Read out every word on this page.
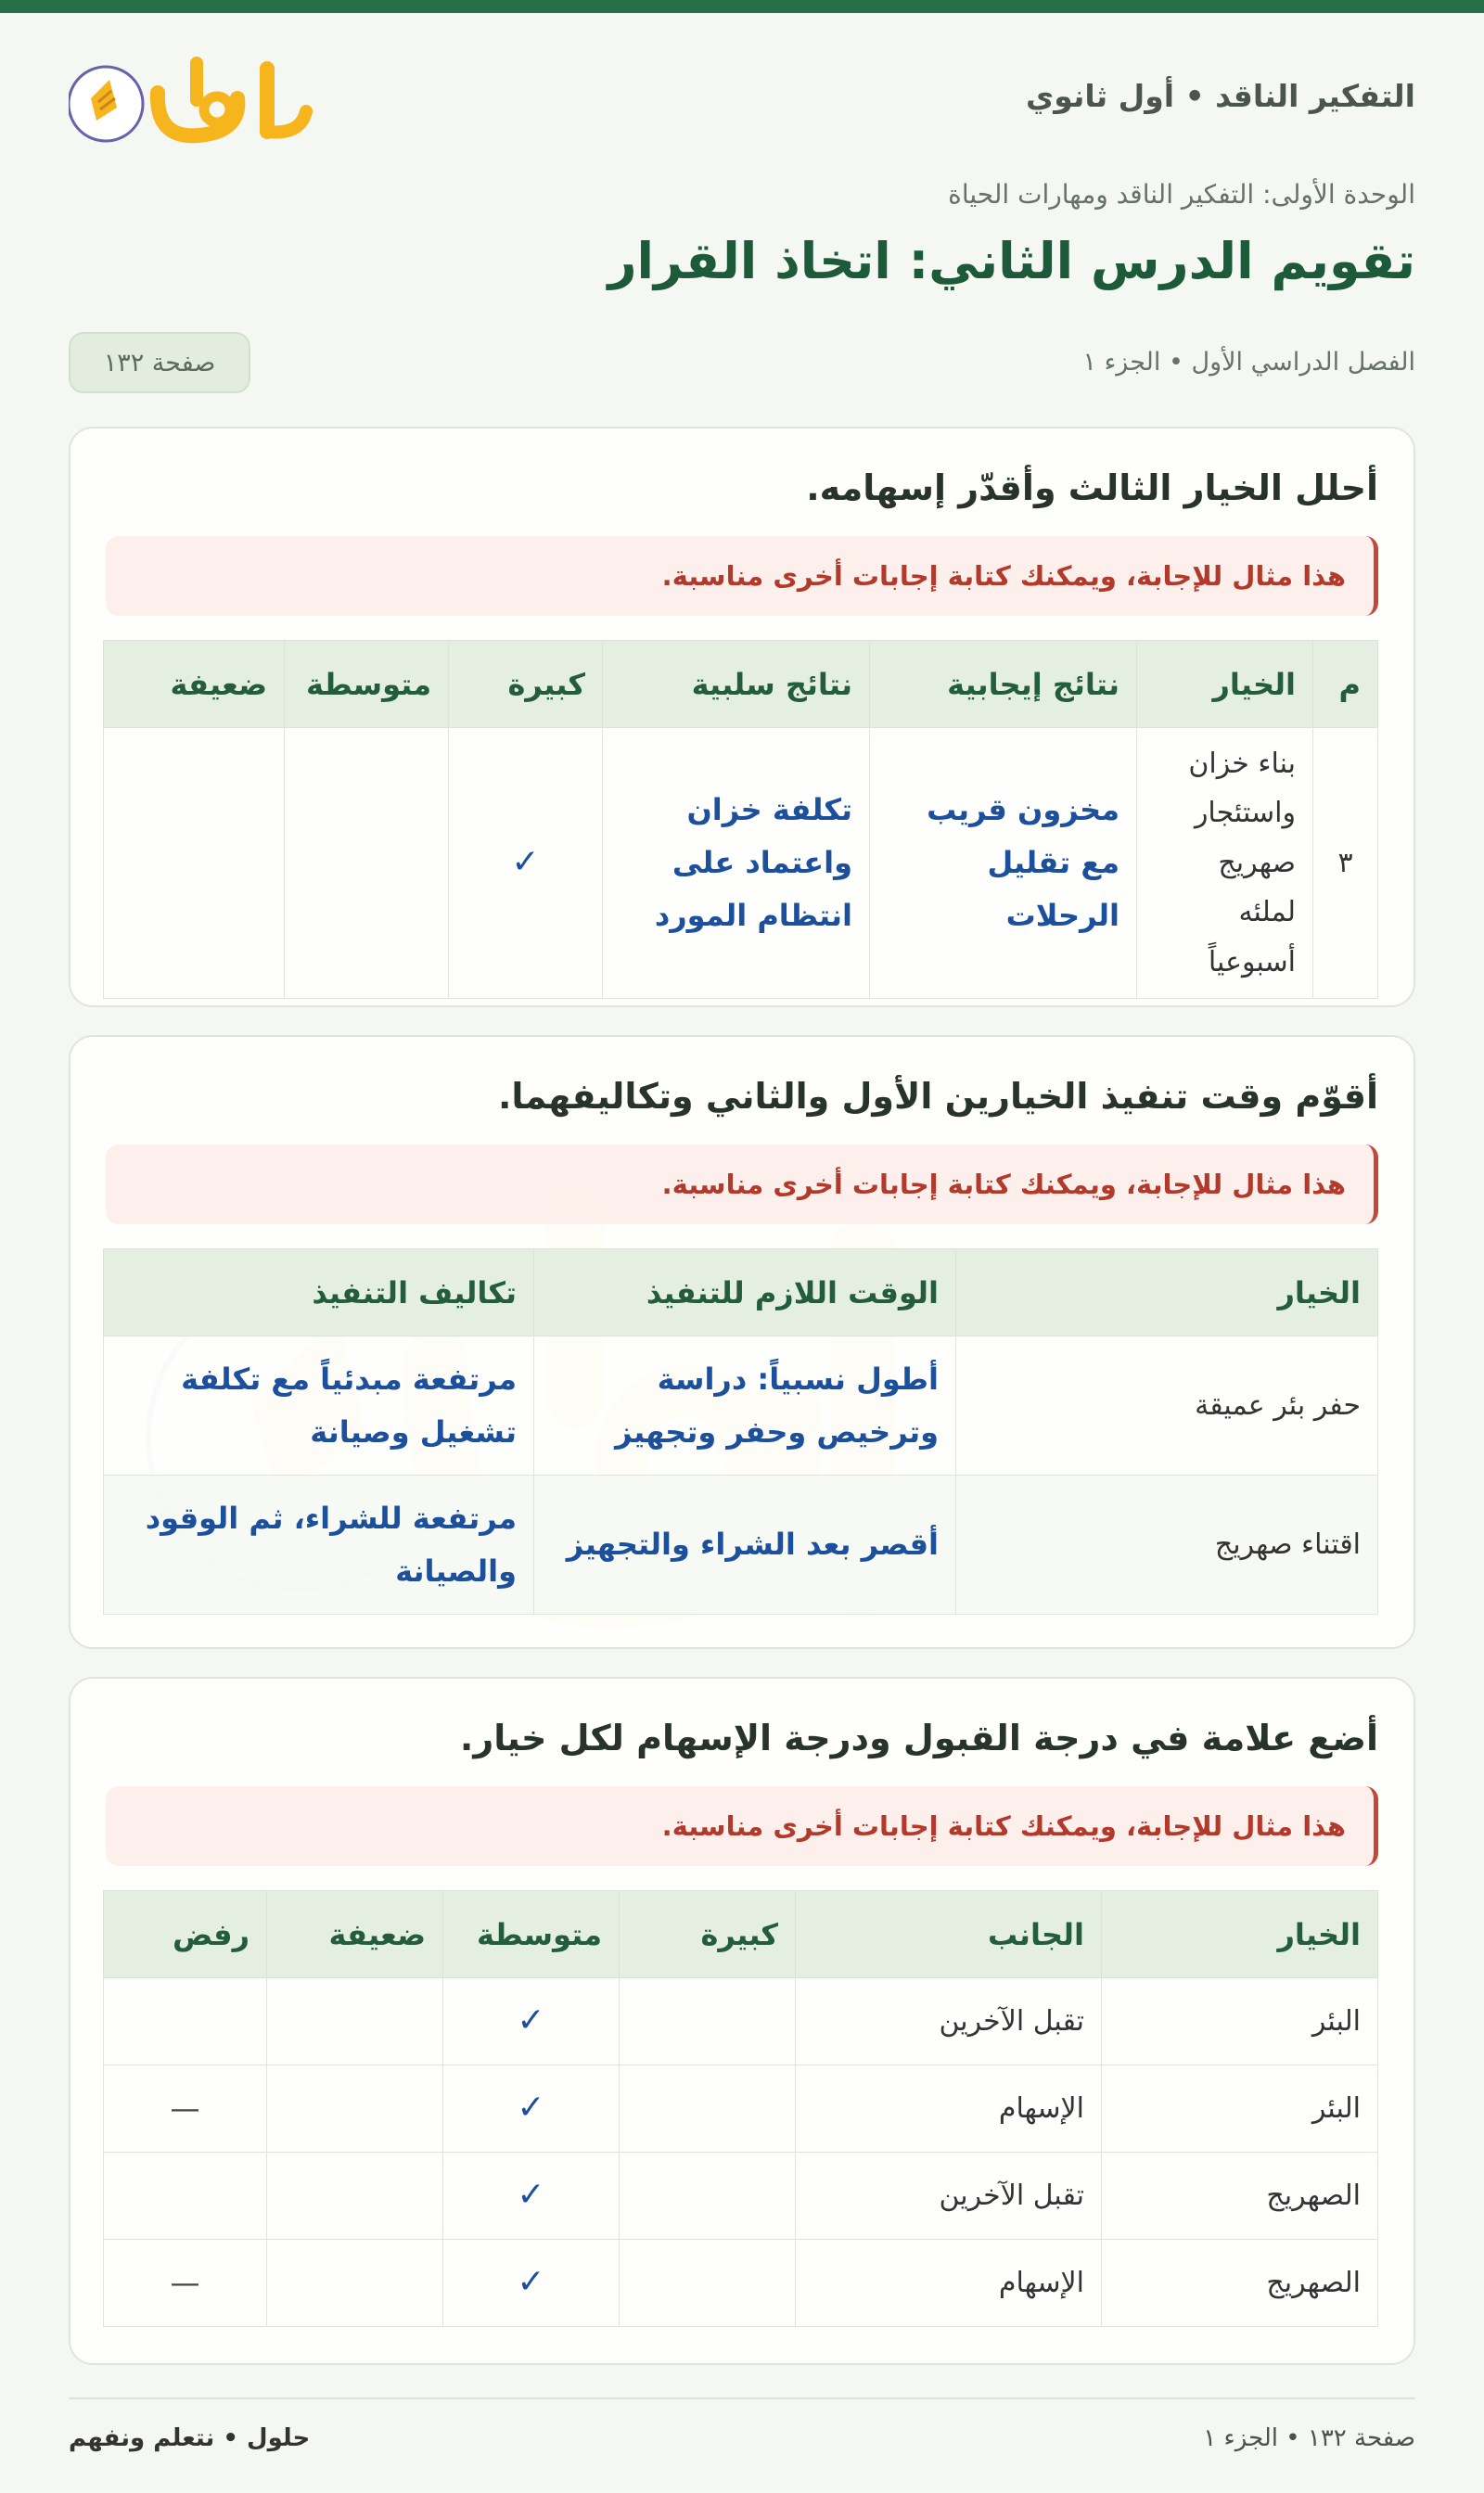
التفكير الناقد • أول ثانوي
الوحدة الأولى: التفكير الناقد ومهارات الحياة
تقويم الدرس الثاني: اتخاذ القرار
الفصل الدراسي الأول • الجزء ١
صفحة ١٣٢
أحلل الخيار الثالث وأقدّر إسهامه.
هذا مثال للإجابة، ويمكنك كتابة إجابات أخرى مناسبة.
م	الخيار	نتائج إيجابية	نتائج سلبية	كبيرة	متوسطة	ضعيفة
٣	بناء خزان واستئجار صهريج لملئه أسبوعياً	مخزون قريب مع تقليل الرحلات	تكلفة خزان واعتماد على انتظام المورد	✓		
أقوّم وقت تنفيذ الخيارين الأول والثاني وتكاليفهما.
هذا مثال للإجابة، ويمكنك كتابة إجابات أخرى مناسبة.
الخيار	الوقت اللازم للتنفيذ	تكاليف التنفيذ
حفر بئر عميقة	أطول نسبياً: دراسة وترخيص وحفر وتجهيز	مرتفعة مبدئياً مع تكلفة تشغيل وصيانة
اقتناء صهريج	أقصر بعد الشراء والتجهيز	مرتفعة للشراء، ثم الوقود والصيانة
أضع علامة في درجة القبول ودرجة الإسهام لكل خيار.
هذا مثال للإجابة، ويمكنك كتابة إجابات أخرى مناسبة.
الخيار	الجانب	كبيرة	متوسطة	ضعيفة	رفض
البئر	تقبل الآخرين		✓		
البئر	الإسهام		✓		—
الصهريج	تقبل الآخرين		✓		
الصهريج	الإسهام		✓		—
صفحة ١٣٢ • الجزء ١
حلول • نتعلم ونفهم
